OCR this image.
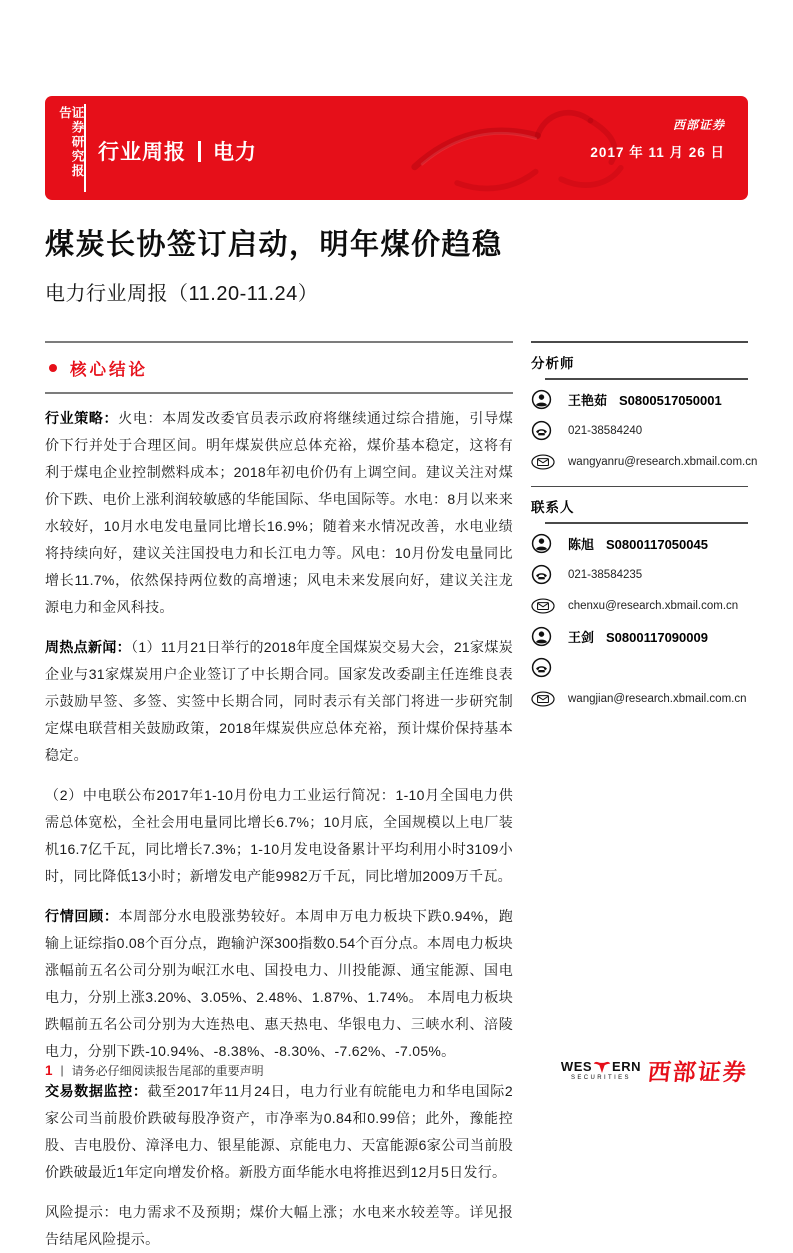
证券研究报告
行业周报 电力
西部证券
2017 年 11 月 26 日
煤炭长协签订启动，明年煤价趋稳
电力行业周报（11.20-11.24）
核心结论

行业策略：火电：本周发改委官员表示政府将继续通过综合措施，引导煤价下行并处于合理区间。明年煤炭供应总体充裕，煤价基本稳定，这将有利于煤电企业控制燃料成本；2018年初电价仍有上调空间。建议关注对煤价下跌、电价上涨利润较敏感的华能国际、华电国际等。水电：8月以来来水较好，10月水电发电量同比增长16.9%；随着来水情况改善，水电业绩将持续向好，建议关注国投电力和长江电力等。风电：10月份发电量同比增长11.7%，依然保持两位数的高增速；风电未来发展向好，建议关注龙源电力和金风科技。

周热点新闻：（1）11月21日举行的2018年度全国煤炭交易大会，21家煤炭企业与31家煤炭用户企业签订了中长期合同。国家发改委副主任连维良表示鼓励早签、多签、实签中长期合同，同时表示有关部门将进一步研究制定煤电联营相关鼓励政策，2018年煤炭供应总体充裕，预计煤价保持基本稳定。

（2）中电联公布2017年1-10月份电力工业运行简况：1-10月全国电力供需总体宽松，全社会用电量同比增长6.7%；10月底，全国规模以上电厂装机16.7亿千瓦，同比增长7.3%；1-10月发电设备累计平均利用小时3109小时，同比降低13小时；新增发电产能9982万千瓦，同比增加2009万千瓦。

行情回顾：本周部分水电股涨势较好。本周申万电力板块下跌0.94%，跑输上证综指0.08个百分点，跑输沪深300指数0.54个百分点。本周电力板块涨幅前五名公司分别为岷江水电、国投电力、川投能源、通宝能源、国电电力，分别上涨3.20%、3.05%、2.48%、1.87%、1.74%。 本周电力板块跌幅前五名公司分别为大连热电、惠天热电、华银电力、三峡水利、涪陵电力，分别下跌-10.94%、-8.38%、-8.30%、-7.62%、-7.05%。

交易数据监控：截至2017年11月24日，电力行业有皖能电力和华电国际2家公司当前股价跌破每股净资产，市净率为0.84和0.99倍；此外，豫能控股、吉电股份、漳泽电力、银星能源、京能电力、天富能源6家公司当前股价跌破最近1年定向增发价格。新股方面华能水电将推迟到12月5日发行。

风险提示：电力需求不及预期；煤价大幅上涨；水电来水较差等。详见报告结尾风险提示。

分析师
王艳茹 S0800517050001
021-38584240
wangyanru@research.xbmail.com.cn
联系人
陈旭 S0800117050045
021-38584235
chenxu@research.xbmail.com.cn
王剑 S0800117090009
wangjian@research.xbmail.com.cn
1 | 请务必仔细阅读报告尾部的重要声明	WES ERN
SECURITIES 西部证券
